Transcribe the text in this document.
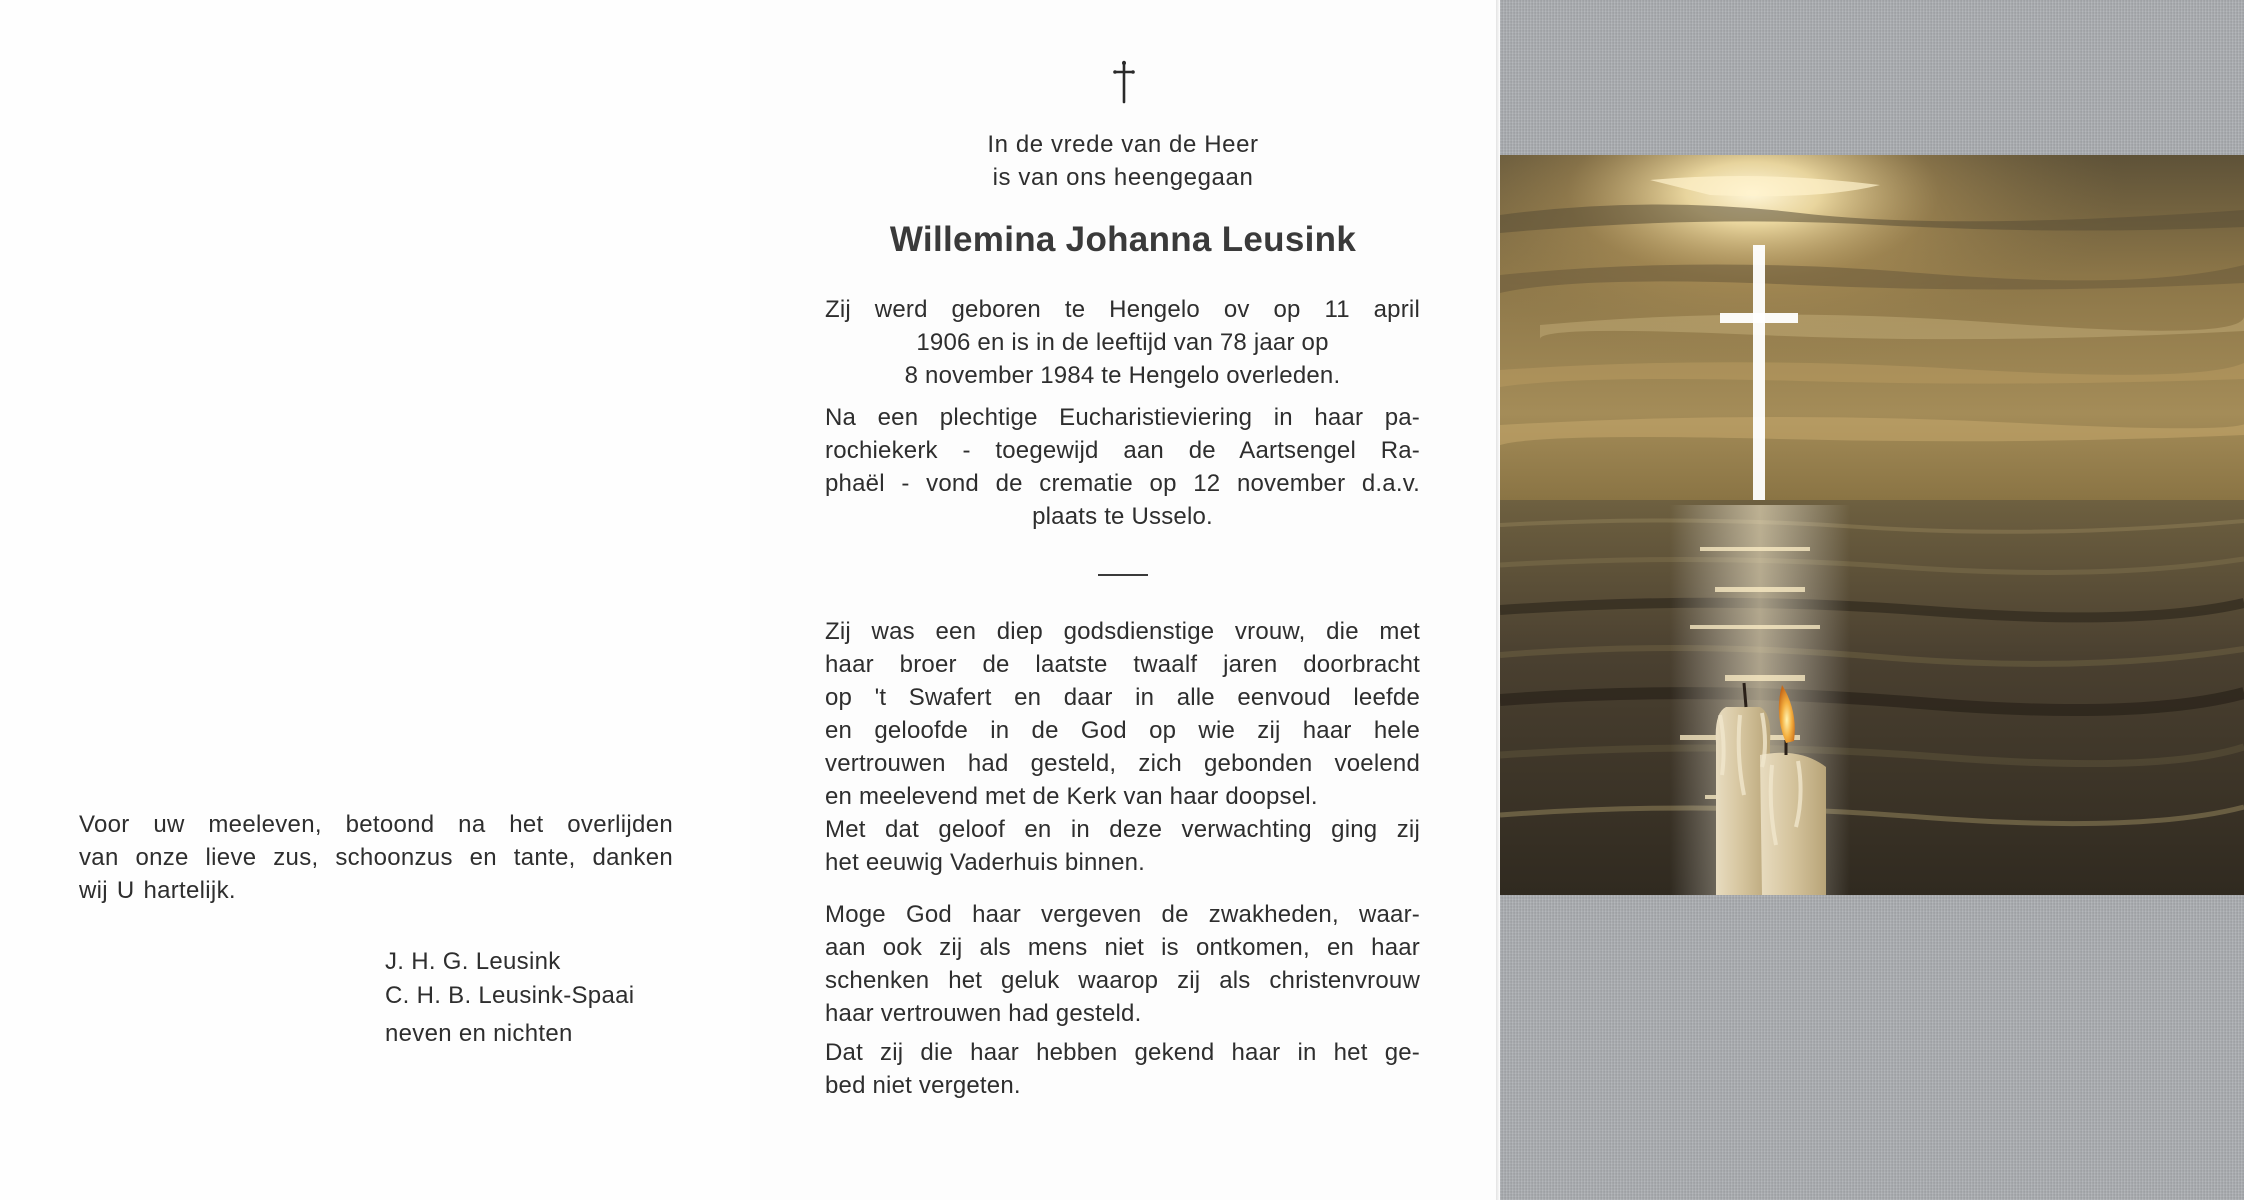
Voor uw meeleven, betoond na het overlijden
van onze lieve zus, schoonzus en tante, danken
wij U hartelijk.
J. H. G. Leusink
C. H. B. Leusink-Spaai
neven en nichten
In de vrede van de Heer
is van ons heengegaan
Willemina Johanna Leusink
Zij werd geboren te Hengelo ov op 11 april
1906 en is in de leeftijd van 78 jaar op
8 november 1984 te Hengelo overleden.
Na een plechtige Eucharistieviering in haar pa-
rochiekerk - toegewijd aan de Aartsengel Ra-
phaël - vond de crematie op 12 november d.a.v.
plaats te Usselo.
Zij was een diep godsdienstige vrouw, die met
haar broer de laatste twaalf jaren doorbracht
op 't Swafert en daar in alle eenvoud leefde
en geloofde in de God op wie zij haar hele
vertrouwen had gesteld, zich gebonden voelend
en meelevend met de Kerk van haar doopsel.
Met dat geloof en in deze verwachting ging zij
het eeuwig Vaderhuis binnen.
Moge God haar vergeven de zwakheden, waar-
aan ook zij als mens niet is ontkomen, en haar
schenken het geluk waarop zij als christenvrouw
haar vertrouwen had gesteld.
Dat zij die haar hebben gekend haar in het ge-
bed niet vergeten.
